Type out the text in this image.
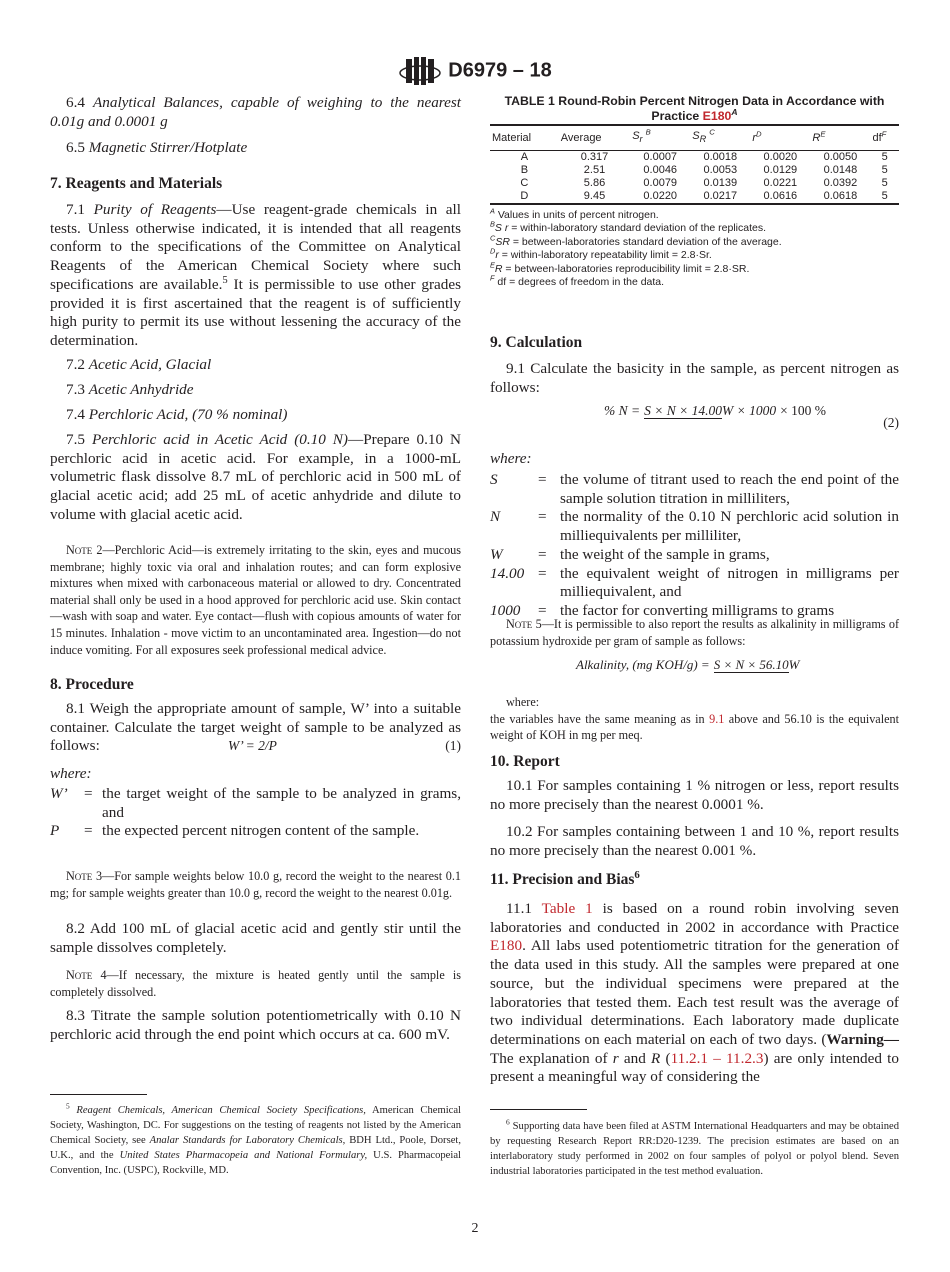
D6979 – 18
6.4 Analytical Balances, capable of weighing to the nearest 0.01g and 0.0001 g
6.5 Magnetic Stirrer/Hotplate
7. Reagents and Materials
7.1 Purity of Reagents—Use reagent-grade chemicals in all tests. Unless otherwise indicated, it is intended that all reagents conform to the specifications of the Committee on Analytical Reagents of the American Chemical Society where such specifications are available.$^5$ It is permissible to use other grades provided it is first ascertained that the reagent is of sufficiently high purity to permit its use without lessening the accuracy of the determination.
7.2 Acetic Acid, Glacial
7.3 Acetic Anhydride
7.4 Perchloric Acid, (70 % nominal)
7.5 Perchloric acid in Acetic Acid (0.10 N)—Prepare 0.10 N perchloric acid in acetic acid. For example, in a 1000-mL volumetric flask dissolve 8.7 mL of perchloric acid in 500 mL of glacial acetic acid; add 25 mL of acetic anhydride and dilute to volume with glacial acetic acid.
Note 2—Perchloric Acid—is extremely irritating to the skin, eyes and mucous membrane; highly toxic via oral and inhalation routes; and can form explosive mixtures when mixed with carbonaceous material or allowed to dry. Concentrated material shall only be used in a hood approved for perchloric acid use. Skin contact—wash with soap and water. Eye contact—flush with copious amounts of water for 15 minutes. Inhalation - move victim to an uncontaminated area. Ingestion—do not induce vomiting. For all exposures seek professional medical advice.
8. Procedure
8.1 Weigh the appropriate amount of sample, W’ into a suitable container. Calculate the target weight of sample to be analyzed as follows:	W’ = 2/P	(1)
where:
W’	= the target weight of the sample to be analyzed in grams, and
P	= the expected percent nitrogen content of the sample.
Note 3—For sample weights below 10.0 g, record the weight to the nearest 0.1 mg; for sample weights greater than 10.0 g, record the weight to the nearest 0.01g.
8.2 Add 100 mL of glacial acetic acid and gently stir until the sample dissolves completely.
Note 4—If necessary, the mixture is heated gently until the sample is completely dissolved.
8.3 Titrate the sample solution potentiometrically with 0.10 N perchloric acid through the end point which occurs at ca. 600 mV.
$^5$ Reagent Chemicals, American Chemical Society Specifications, American Chemical Society, Washington, DC. For suggestions on the testing of reagents not listed by the American Chemical Society, see Analar Standards for Laboratory Chemicals, BDH Ltd., Poole, Dorset, U.K., and the United States Pharmacopeia and National Formulary, U.S. Pharmacopeial Convention, Inc. (USPC), Rockville, MD.
TABLE 1 Round-Robin Percent Nitrogen Data in Accordance with Practice $E180^A$
Material	Average	$S_r$ $^B$	$S_R$ $^C$	$r^D$	$R^E$	$df^F$
A	0.317	0.0007	0.0018	0.0020	0.0050	5
B	2.51	0.0046	0.0053	0.0129	0.0148	5
C	5.86	0.0079	0.0139	0.0221	0.0392	5
D	9.45	0.0220	0.0217	0.0616	0.0618	5
$^A$ Values in units of percent nitrogen.
$^B$S r = within-laboratory standard deviation of the replicates.
$^C$SR = between-laboratories standard deviation of the average.
$^D$r = within-laboratory repeatability limit = 2.8·Sr.
$^E$R = between-laboratories reproducibility limit = 2.8·SR.
$^F$ df = degrees of freedom in the data.
9. Calculation
9.1 Calculate the basicity in the sample, as percent nitrogen as follows:
% N = S × N × 14.00W × 1000 × 100 %
(2)
where:
S	= the volume of titrant used to reach the end point of the sample solution titration in milliliters,
N	= the normality of the 0.10 N perchloric acid solution in milliequivalents per milliliter,
W	= the weight of the sample in grams,
14.00 = the equivalent weight of nitrogen in milligrams per milliequivalent, and
1000	= the factor for converting milligrams to grams
Note 5—It is permissible to also report the results as alkalinity in milligrams of potassium hydroxide per gram of sample as follows:
Alkalinity, (mg KOH/g) = S × N × 56.10W
where:
the variables have the same meaning as in 9.1 above and 56.10 is the equivalent weight of KOH in mg per meq.
10. Report
10.1 For samples containing 1 % nitrogen or less, report results no more precisely than the nearest 0.0001 %.
10.2 For samples containing between 1 and 10 %, report results no more precisely than the nearest 0.001 %.
11. Precision and Bias$^6$
11.1 Table 1 is based on a round robin involving seven laboratories and conducted in 2002 in accordance with Practice E180. All labs used potentiometric titration for the generation of the data used in this study. All the samples were prepared at one source, but the individual specimens were prepared at the laboratories that tested them. Each test result was the average of two individual determinations. Each laboratory made duplicate determinations on each material on each of two days. (Warning—The explanation of r and R (11.2.1 – 11.2.3) are only intended to present a meaningful way of considering the
$^6$ Supporting data have been filed at ASTM International Headquarters and may be obtained by requesting Research Report RR:D20-1239. The precision estimates are based on an interlaboratory study performed in 2002 on four samples of polyol or polyol blend. Seven industrial laboratories participated in the test method evaluation.
2
